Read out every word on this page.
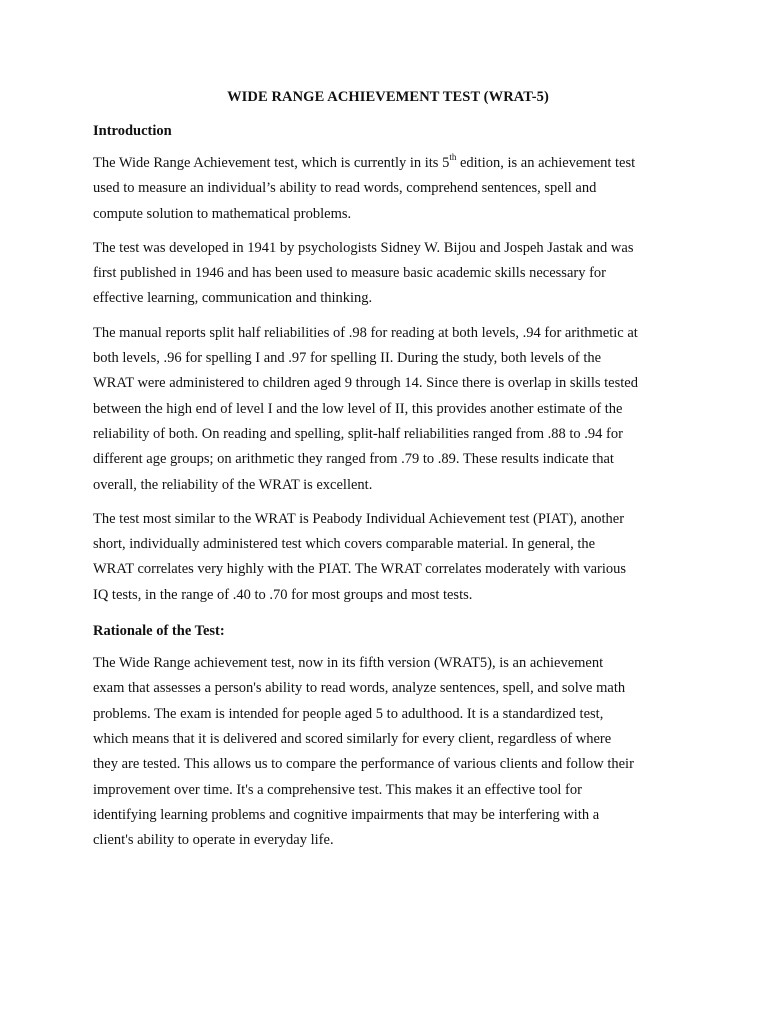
WIDE RANGE ACHIEVEMENT TEST (WRAT-5)
Introduction

The Wide Range Achievement test, which is currently in its 5th edition, is an achievement test
used to measure an individual’s ability to read words, comprehend sentences, spell and
compute solution to mathematical problems.

The test was developed in 1941 by psychologists Sidney W. Bijou and Jospeh Jastak and was
first published in 1946 and has been used to measure basic academic skills necessary for
effective learning, communication and thinking.

The manual reports split half reliabilities of .98 for reading at both levels, .94 for arithmetic at
both levels, .96 for spelling I and .97 for spelling II. During the study, both levels of the
WRAT were administered to children aged 9 through 14. Since there is overlap in skills tested
between the high end of level I and the low level of II, this provides another estimate of the
reliability of both. On reading and spelling, split-half reliabilities ranged from .88 to .94 for
different age groups; on arithmetic they ranged from .79 to .89. These results indicate that
overall, the reliability of the WRAT is excellent.

The test most similar to the WRAT is Peabody Individual Achievement test (PIAT), another
short, individually administered test which covers comparable material. In general, the
WRAT correlates very highly with the PIAT. The WRAT correlates moderately with various
IQ tests, in the range of .40 to .70 for most groups and most tests.

Rationale of the Test:

The Wide Range achievement test, now in its fifth version (WRAT5), is an achievement
exam that assesses a person's ability to read words, analyze sentences, spell, and solve math
problems. The exam is intended for people aged 5 to adulthood. It is a standardized test,
which means that it is delivered and scored similarly for every client, regardless of where
they are tested. This allows us to compare the performance of various clients and follow their
improvement over time. It's a comprehensive test. This makes it an effective tool for
identifying learning problems and cognitive impairments that may be interfering with a
client's ability to operate in everyday life.
